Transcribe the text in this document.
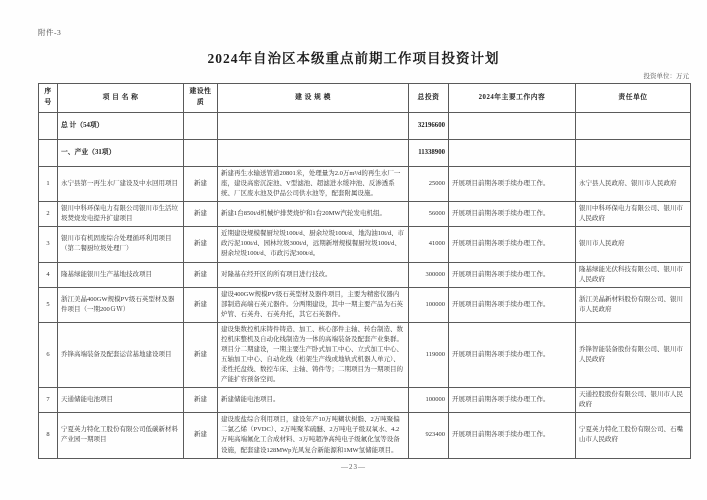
附件-3
2024年自治区本级重点前期工作项目投资计划
投资单位：万元
序号	项 目 名 称	建设性质	建 设 规 模	总投资	2024年主要工作内容	责任单位
	总 计（54项）			32196600		
	一、产业（31项）			11338900		
1	永宁县第一再生水厂建设及中水回用项目	新建	新建再生水输送管道20801米，处理量为2.0万m³/d的再生水厂一座，建设高密沉淀池、V型滤池、超滤进水缓冲池、反渗透系统、厂区废水池及伊品公司供水池等，配套附属设施。	25000	开展项目前期各项手续办理工作。	永宁县人民政府、银川市人民政府
2	银川中科环保电力有限公司银川市生活垃圾焚烧发电提升扩建项目	新建	新建1台850t/d机械炉排焚烧炉和1台20MW汽轮发电机组。	56000	开展项目前期各项手续办理工作。	银川中科环保电力有限公司、银川市人民政府
3	银川市有机固废综合处理循环利用项目（第二餐厨垃圾处理厂）	新建	近期建设规模餐厨垃圾100t/d、厨余垃圾100t/d、地沟油10t/d、市政污泥100t/d、园林垃圾300t/d，远期新增规模餐厨垃圾100t/d、厨余垃圾100t/d、市政污泥300t/d。	41000	开展项目前期各项手续办理工作。	银川市人民政府
4	隆基绿能银川生产基地技改项目	新建	对隆基在经开区的所有项目进行技改。	300000	开展项目前期各项手续办理工作。	隆基绿能光伏科技有限公司、银川市人民政府
5	浙江美晶400GW规模PV级石英型材及器件项目（一期200ＧＷ）	新建	建设400GW规模PV级石英型材及器件项目，主要为精密仪器内部制造高端石英元器件。分两期建设，其中一期主要产品为石英炉管、石英舟、石英舟托，其它石英器件。	100000	开展项目前期各项手续办理工作。	浙江美晶新材料股份有限公司、银川市人民政府
6	乔锋高端装备及配套运营基地建设项目	新建	建设集数控机床铸件铸造、加工、核心部件主轴、转台制造、数控机床整机及自动化线制造为一体的高端装备及配套产业集群。项目分二期建设，一期主要生产卧式加工中心、立式加工中心、五轴加工中心、自动化线（桁架生产线或地轨式机器人单元）、柔性托盘线、数控车床、主轴、铸件等；二期项目为一期项目的产能扩容预备空间。	119000	开展项目前期各项手续办理工作。	乔锋智能装备股份有限公司、银川市人民政府
7	天通储能电池项目	新建	新建储能电池项目。	100000	开展项目前期各项手续办理工作。	天通控股股份有限公司、银川市人民政府
8	宁夏英力特化工股份有限公司低碳新材料产业园一期项目	新建	建设废盐综合利用项目，建设年产10万吨糊状树脂、2万吨聚偏二氯乙烯（PVDC）、2万吨聚苯硫醚、2万吨电子级双氧水、4.2万吨高端氟化工合成材料、3万吨超净高纯电子级氟化氢等设备设施，配套建设128MWp光风复合新能源和1MW氢储能项目。	923400	开展项目前期各项手续办理工作。	宁夏英力特化工股份有限公司、石嘴山市人民政府
—23—
